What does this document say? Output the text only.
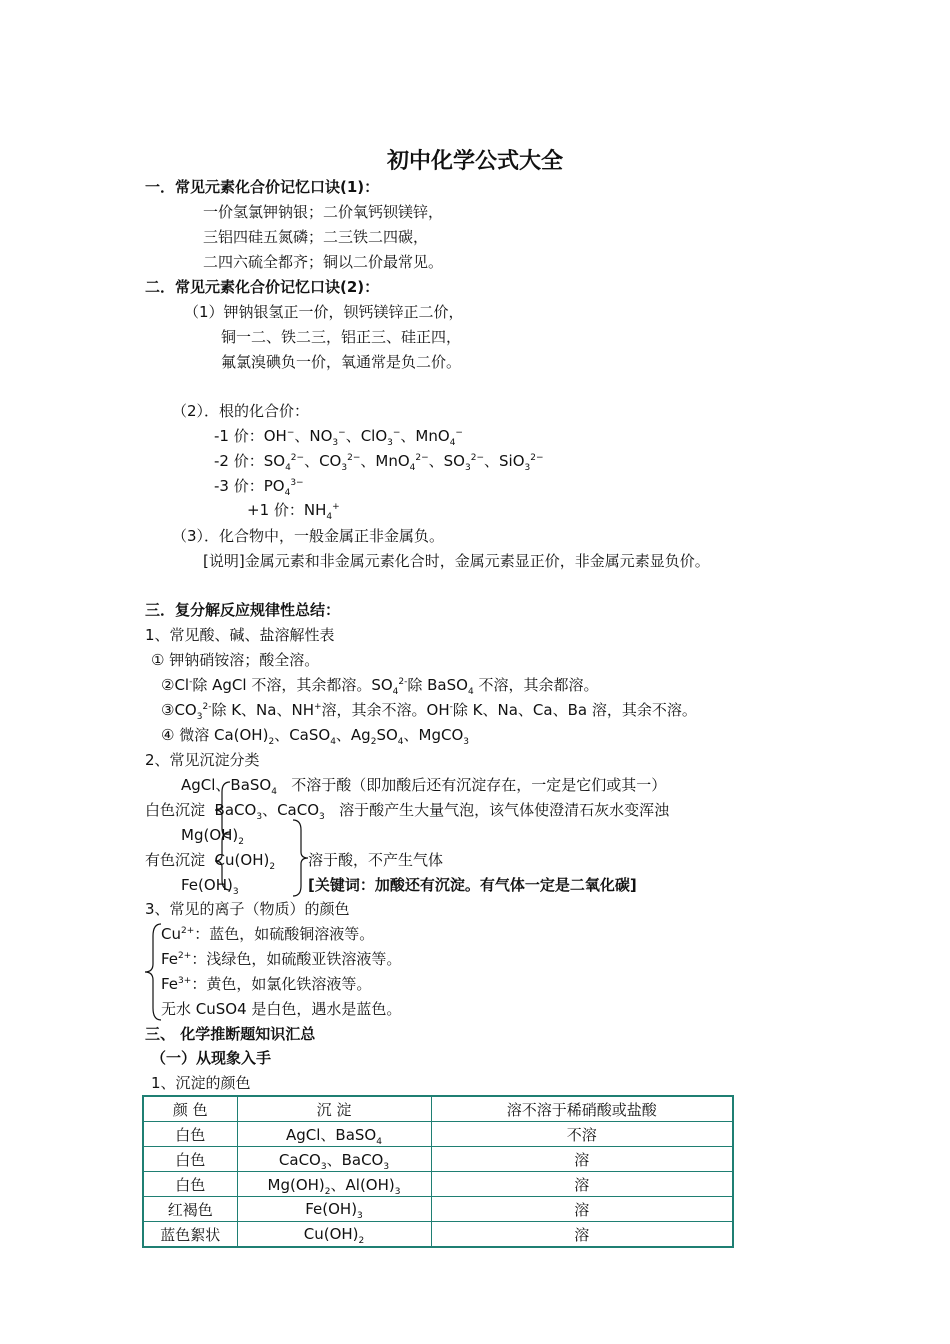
初中化学公式大全
一．常见元素化合价记忆口诀(1)：
一价氢氯钾钠银；二价氧钙钡镁锌，
三铝四硅五氮磷；二三铁二四碳，
二四六硫全都齐；铜以二价最常见。
二．常见元素化合价记忆口诀(2)：
（1）钾钠银氢正一价，钡钙镁锌正二价，
铜一二、铁二三，铝正三、硅正四，
氟氯溴碘负一价，氧通常是负二价。
（2）．根的化合价：
-1 价：OH−、$NO_3^-$、ClO$_3$−、MnO$_4$−
-2 价：$SO_4^{2-}$、$CO_3^{2-}$、MnO$_4^{2-}$、$SO_3^{2-}$、SiO$_3^{2-}$
-3 价：$PO_4^{3-}$
+1 价：$NH_4^+$
（3）．化合物中，一般金属正非金属负。
[说明]金属元素和非金属元素化合时，金属元素显正价，非金属元素显负价。
三．复分解反应规律性总结：
1、常见酸、碱、盐溶解性表
① 钾钠硝铵溶；酸全溶。
②Cl-除 AgCl 不溶，其余都溶。$SO_4^{2-}$除 BaSO$_4$ 不溶，其余都溶。
$③CO_3^{2-}$除 K、Na、NH+溶，其余不溶。OH-除 K、Na、Ca、Ba 溶，其余不溶。
④ 微溶 $Ca(OH)_2$、CaSO$_4$、$Ag_2SO_4$、MgCO$_3$
2、常见沉淀分类
AgCl、BaSO$_4$ 不溶于酸（即加酸后还有沉淀存在，一定是它们或其一）
白色沉淀  BaCO$_3$、CaCO$_3$ 溶于酸产生大量气泡，该气体使澄清石灰水变浑浊
$Mg(OH)_2$
有色沉淀  $Cu(OH)_2$ 溶于酸，不产生气体
$Fe(OH)_3$	[关键词：加酸还有沉淀。有气体一定是二氧化碳]
3、常见的离子（物质）的颜色
$Cu^{2+}$：蓝色，如硫酸铜溶液等。
$Fe^{2+}$：浅绿色，如硫酸亚铁溶液等。
$Fe^{3+}$：黄色，如氯化铁溶液等。
无水 CuSO4 是白色，遇水是蓝色。
三、 化学推断题知识汇总
（一）从现象入手
1、沉淀的颜色
颜 色	沉 淀	溶不溶于稀硝酸或盐酸
白色	AgCl、BaSO$_4$	不溶
白色	CaCO$_3$、BaCO$_3$	溶
白色	$Mg(OH)_2$、$Al(OH)_3$	溶
红褐色	$Fe(OH)_3$	溶
蓝色絮状	$Cu(OH)_2$	溶
